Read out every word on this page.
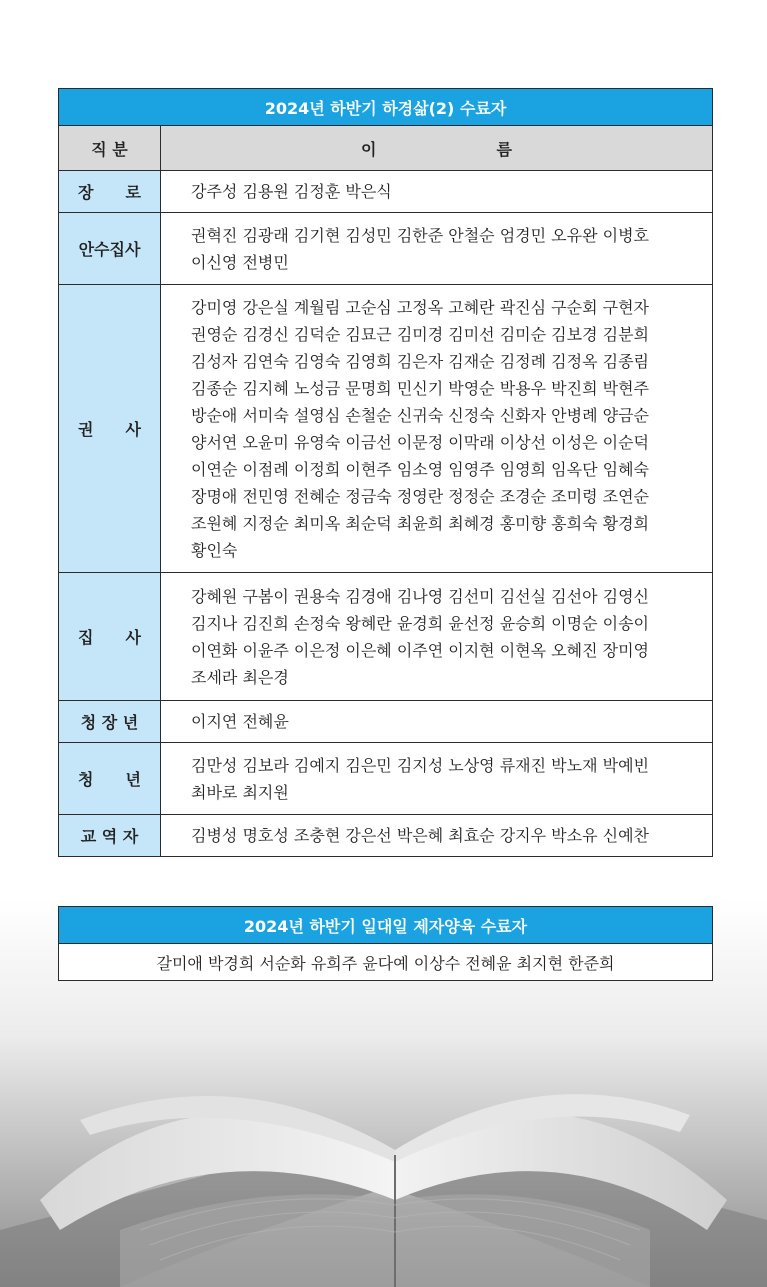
2024년 하반기 하경삶(2) 수료자	
직 분	이 름
장　　로	강주성 김용원 김정훈 박은식
안수집사	권혁진 김광래 김기현 김성민 김한준 안철순 엄경민 오유완 이병호 이신영 전병민
권　　사	강미영 강은실 계월림 고순심 고정옥 고혜란 곽진심 구순회 구현자 권영순 김경신 김덕순 김묘근 김미경 김미선 김미순 김보경 김분희 김성자 김연숙 김영숙 김영희 김은자 김재순 김정례 김정옥 김종림 김종순 김지혜 노성금 문명희 민신기 박영순 박용우 박진희 박현주 방순애 서미숙 설영심 손철순 신귀숙 신정숙 신화자 안병례 양금순 양서연 오윤미 유영숙 이금선 이문정 이막래 이상선 이성은 이순덕 이연순 이점례 이정희 이현주 임소영 임영주 임영희 임옥단 임혜숙 장명애 전민영 전혜순 정금숙 정영란 정정순 조경순 조미령 조연순 조원혜 지정순 최미옥 최순덕 최윤희 최혜경 홍미향 홍희숙 황경희 황인숙
집　　사	강혜원 구봄이 권용숙 김경애 김나영 김선미 김선실 김선아 김영신 김지나 김진희 손정숙 왕혜란 윤경희 윤선정 윤승희 이명순 이송이 이연화 이윤주 이은정 이은혜 이주연 이지현 이현옥 오혜진 장미영 조세라 최은경
청 장 년	이지연 전혜윤
청　　년	김만성 김보라 김예지 김은민 김지성 노상영 류재진 박노재 박예빈 최바로 최지원
교 역 자	김병성 명호성 조충현 강은선 박은혜 최효순 강지우 박소유 신예찬
2024년 하반기 일대일 제자양육 수료자
갈미애 박경희 서순화 유희주 윤다예 이상수 전혜윤 최지현 한준희
